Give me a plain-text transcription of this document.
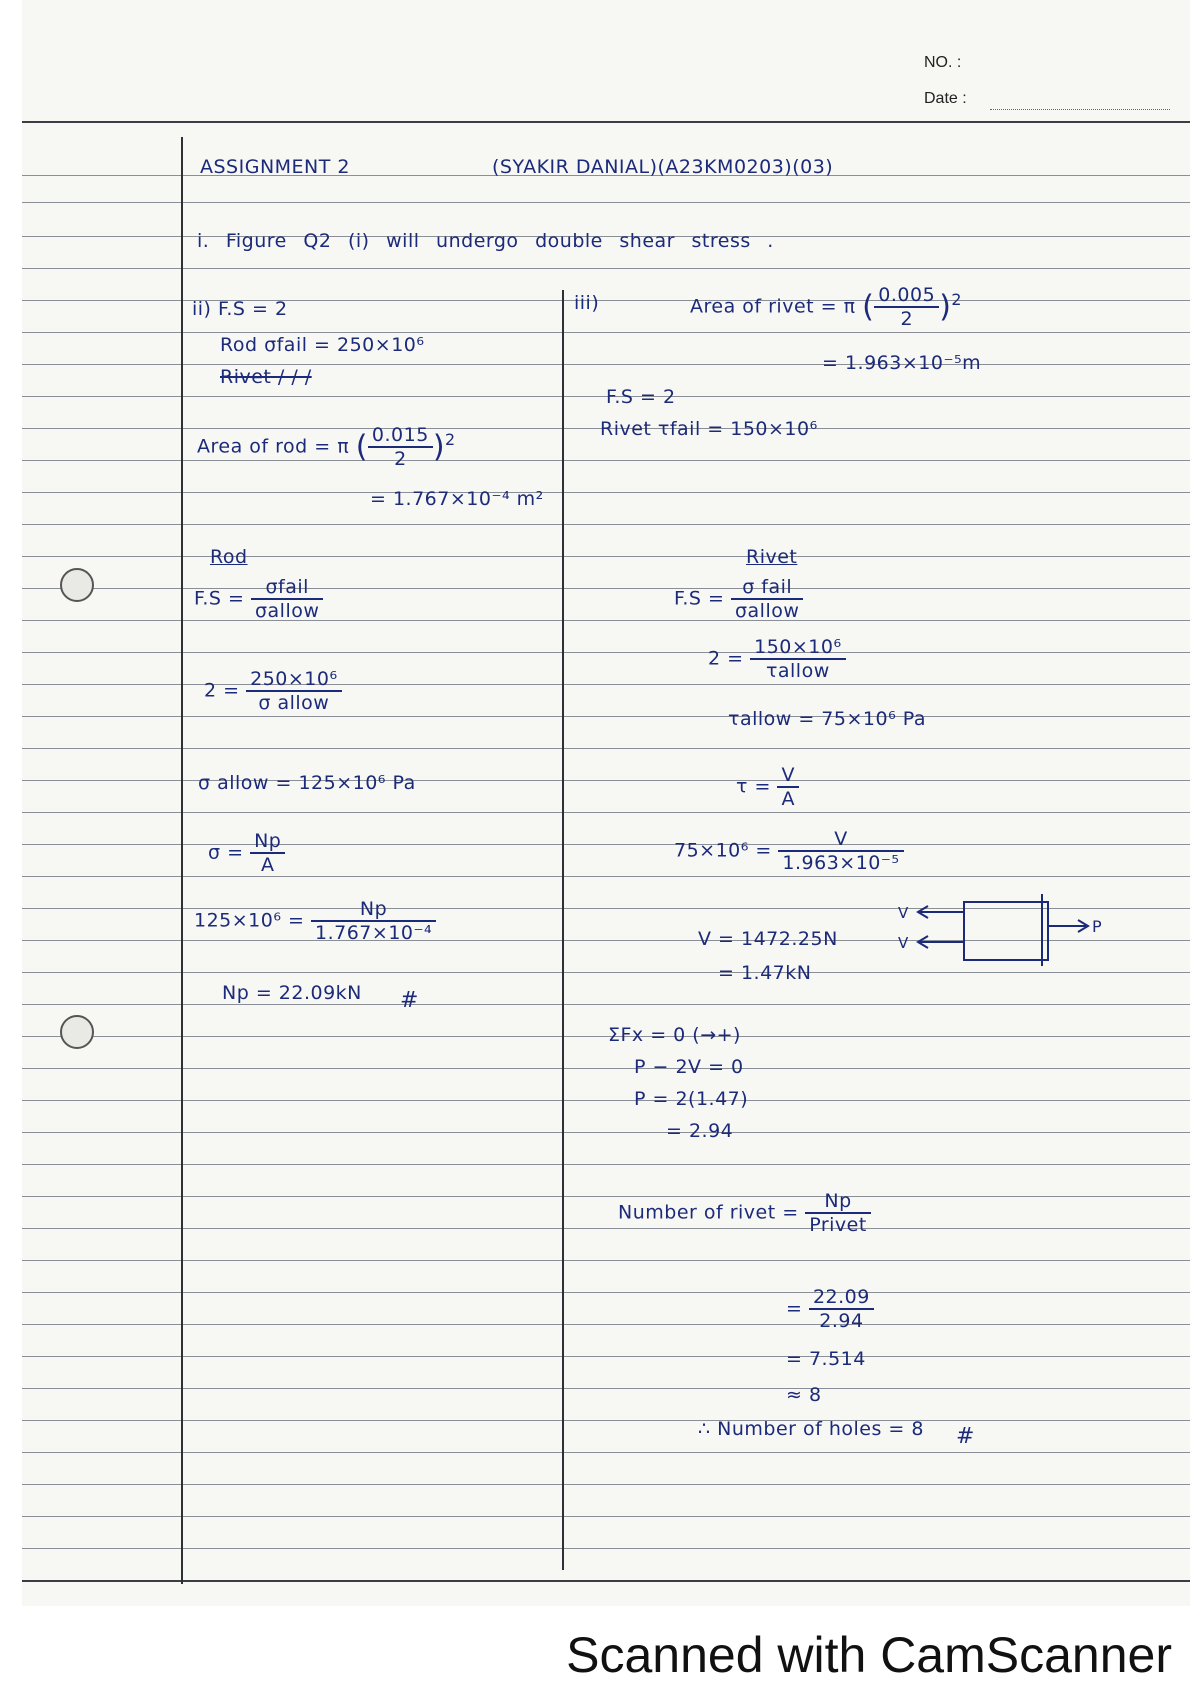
NO. :
Date :
ASSIGNMENT 2	(SYAKIR DANIAL)(A23KM0203)(03)
i. Figure Q2 (i) will undergo double shear stress .
ii) F.S = 2
Rod σfail = 250×10⁶
Rivet / / /
Area of rod = π ( $\frac{0.015}{2} )^2$
= 1.767×10⁻⁴ m²
Rod
$F.S = \frac{\text{σfail}}{\text{σallow}}$
$2 = \frac{\text{250×10⁶}}{\text{σ allow}}$
σ allow = 125×10⁶ Pa
$\sigma = \frac{Np}{A}$
$125\times 10^6 = \frac{Np}{\text{1.767×10⁻⁴}}$
Np = 22.09kN #
iii)	Area of rivet = π ( $\frac{0.005}{2} )^2$
= 1.963×10⁻⁵m
F.S = 2
Rivet τfail = 150×10⁶
Rivet
$F.S = \frac{\text{σ fail}}{\text{σallow}}$
$2 = \frac{\text{150×10⁶}}{\text{τallow}}$
τallow = 75×10⁶ Pa
$\tau = \frac{V}{A}$
$75\times 10^6 = \frac{V}{\text{1.963×10⁻⁵}}$
V = 1472.25N
= 1.47kN
V
V
P
ΣFx = 0 (→+)
P − 2V = 0
P = 2(1.47)
= 2.94
Number of rivet = $\frac{Np}{\text{Privet}}$
= $\frac{22.09}{2.94}$
= 7.514
≈ 8
∴ Number of holes = 8 #
Scanned with CamScanner
